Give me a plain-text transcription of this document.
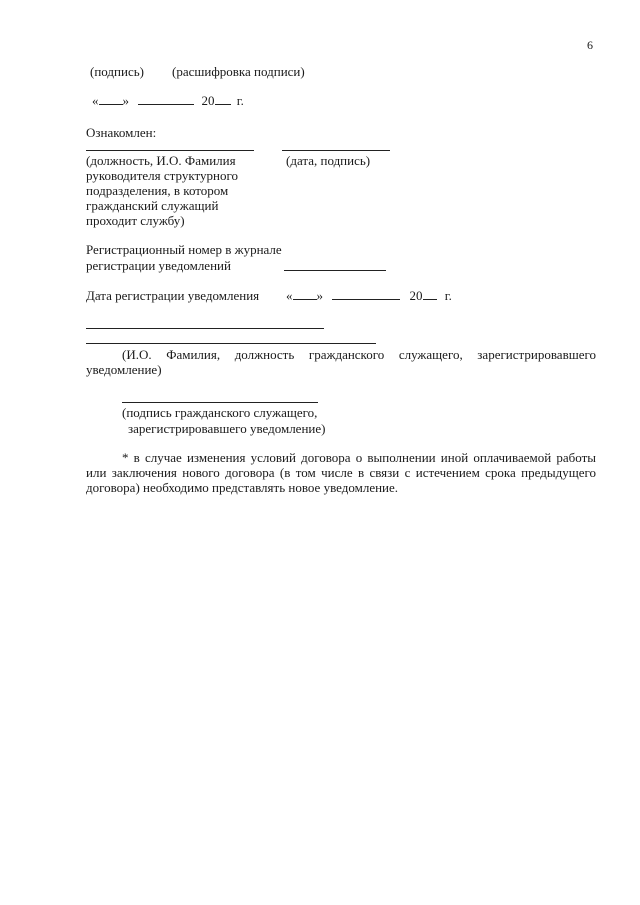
6
(подпись) (расшифровка подписи)
« »	20 г.
Ознакомлен:
(должность, И.О. Фамилия
руководителя структурного
подразделения, в котором
гражданский служащий
проходит службу)
(дата, подпись)
Регистрационный номер в журнале
регистрации уведомлений
Дата регистрации уведомления « »	20 г.
(И.О. Фамилия, должность гражданского служащего, зарегистрировавшего уведомление)
(подпись гражданского служащего,
зарегистрировавшего уведомление)
* в случае изменения условий договора о выполнении иной оплачиваемой работы или заключения нового договора (в том числе в связи с истечением срока предыдущего договора) необходимо представлять новое уведомление.
